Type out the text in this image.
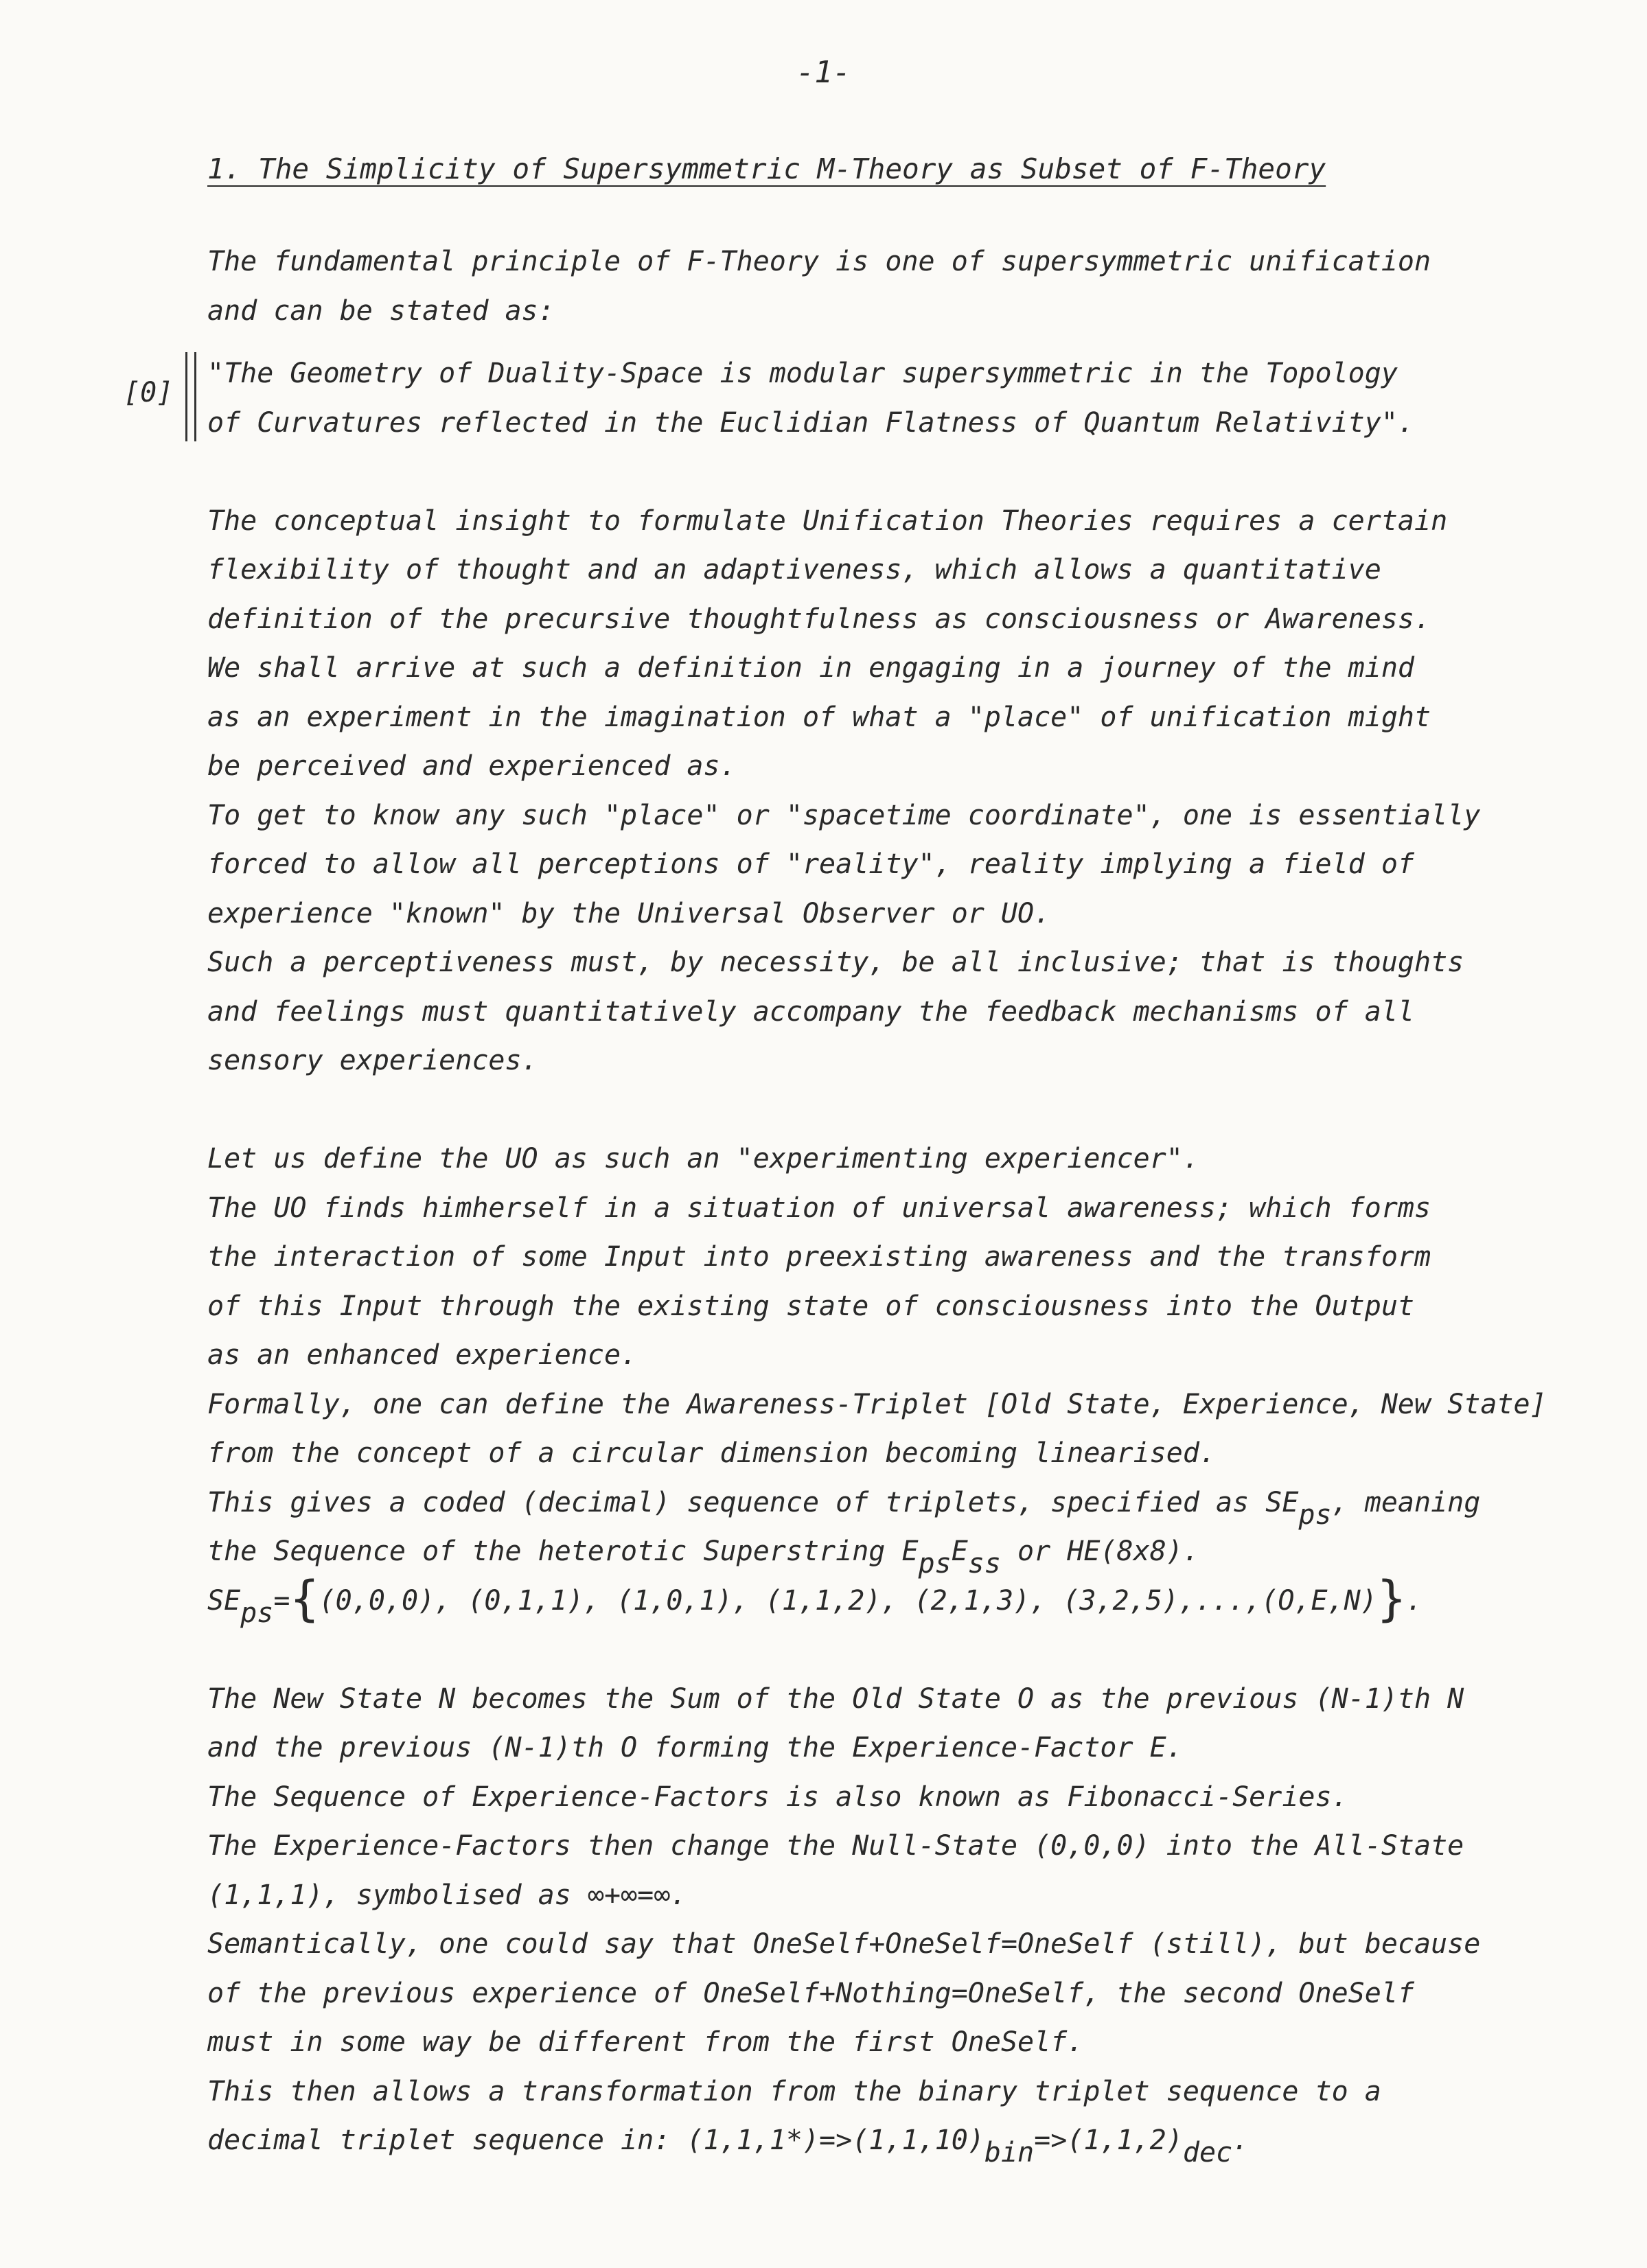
-1-
1. The Simplicity of Supersymmetric M-Theory as Subset of F-Theory
The fundamental principle of F-Theory is one of supersymmetric unification
and can be stated as:
[0]
"The Geometry of Duality-Space is modular supersymmetric in the Topology
of Curvatures reflected in the Euclidian Flatness of Quantum Relativity".
The conceptual insight to formulate Unification Theories requires a certain
flexibility of thought and an adaptiveness, which allows a quantitative
definition of the precursive thoughtfulness as consciousness or Awareness.
We shall arrive at such a definition in engaging in a journey of the mind
as an experiment in the imagination of what a "place" of unification might
be perceived and experienced as.
To get to know any such "place" or "spacetime coordinate", one is essentially
forced to allow all perceptions of "reality", reality implying a field of
experience "known" by the Universal Observer or UO.
Such a perceptiveness must, by necessity, be all inclusive; that is thoughts
and feelings must quantitatively accompany the feedback mechanisms of all
sensory experiences.
Let us define the UO as such an "experimenting experiencer".
The UO finds himherself in a situation of universal awareness; which forms
the interaction of some Input into preexisting awareness and the transform
of this Input through the existing state of consciousness into the Output
as an enhanced experience.
Formally, one can define the Awareness-Triplet [Old State, Experience, New State]
from the concept of a circular dimension becoming linearised.
This gives a coded (decimal) sequence of triplets, specified as $SE_{ps}$, meaning
the Sequence of the heterotic Superstring $E_{ps}E_{ss}$ or HE(8x8).
$SE_{ps}=\{(0,0,0)$, (0,1,1), (1,0,1), (1,1,2), (2,1,3), (3,2,5),...,(O,E,N)}.
The New State N becomes the Sum of the Old State O as the previous (N-1)th N
and the previous (N-1)th O forming the Experience-Factor E.
The Sequence of Experience-Factors is also known as Fibonacci-Series.
The Experience-Factors then change the Null-State (0,0,0) into the All-State
(1,1,1), symbolised as ∞+∞=∞.
Semantically, one could say that OneSelf+OneSelf=OneSelf (still), but because
of the previous experience of OneSelf+Nothing=OneSelf, the second OneSelf
must in some way be different from the first OneSelf.
This then allows a transformation from the binary triplet sequence to a
decimal triplet sequence in: $(1,1,1*)=>(1,1,10)_{bin}=>(1,1,2)_{dec}$.
